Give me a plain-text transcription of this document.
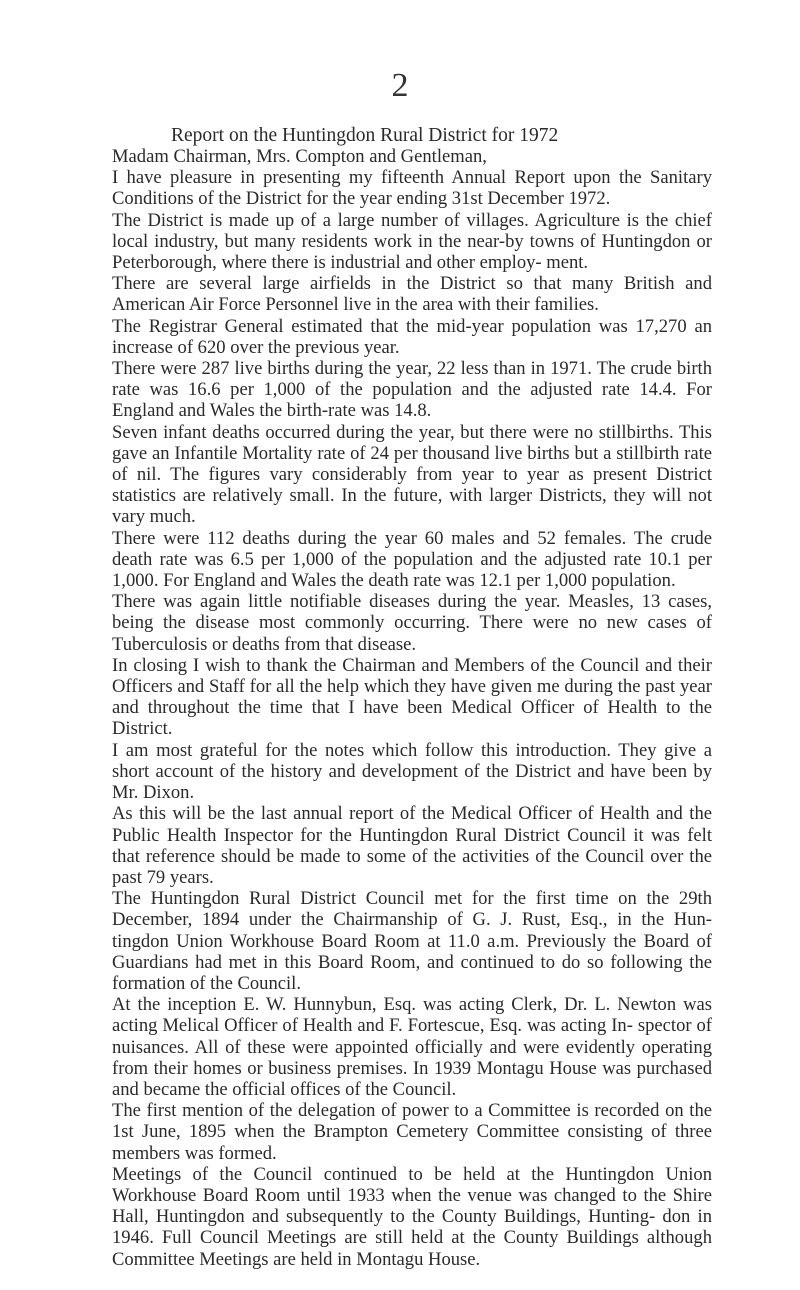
2
Report on the Huntingdon Rural District for 1972

Madam Chairman, Mrs. Compton and Gentleman,

I have pleasure in presenting my fifteenth Annual Report upon the Sanitary Conditions of the District for the year ending 31st December 1972.

The District is made up of a large number of villages. Agriculture is the chief local industry, but many residents work in the near-by towns of Huntingdon or Peterborough, where there is industrial and other employ- ment.

There are several large airfields in the District so that many British and American Air Force Personnel live in the area with their families.

The Registrar General estimated that the mid-year population was 17,270 an increase of 620 over the previous year.

There were 287 live births during the year, 22 less than in 1971. The crude birth rate was 16.6 per 1,000 of the population and the adjusted rate 14.4. For England and Wales the birth-rate was 14.8.

Seven infant deaths occurred during the year, but there were no stillbirths. This gave an Infantile Mortality rate of 24 per thousand live births but a stillbirth rate of nil. The figures vary considerably from year to year as present District statistics are relatively small. In the future, with larger Districts, they will not vary much.

There were 112 deaths during the year 60 males and 52 females. The crude death rate was 6.5 per 1,000 of the population and the adjusted rate 10.1 per 1,000. For England and Wales the death rate was 12.1 per 1,000 population.

There was again little notifiable diseases during the year. Measles, 13 cases, being the disease most commonly occurring. There were no new cases of Tuberculosis or deaths from that disease.

In closing I wish to thank the Chairman and Members of the Council and their Officers and Staff for all the help which they have given me during the past year and throughout the time that I have been Medical Officer of Health to the District.

I am most grateful for the notes which follow this introduction. They give a short account of the history and development of the District and have been by Mr. Dixon.

As this will be the last annual report of the Medical Officer of Health and the Public Health Inspector for the Huntingdon Rural District Council it was felt that reference should be made to some of the activities of the Council over the past 79 years.

The Huntingdon Rural District Council met for the first time on the 29th December, 1894 under the Chairmanship of G. J. Rust, Esq., in the Hun- tingdon Union Workhouse Board Room at 11.0 a.m. Previously the Board of Guardians had met in this Board Room, and continued to do so following the formation of the Council.

At the inception E. W. Hunnybun, Esq. was acting Clerk, Dr. L. Newton was acting Melical Officer of Health and F. Fortescue, Esq. was acting In- spector of nuisances. All of these were appointed officially and were evidently operating from their homes or business premises. In 1939 Montagu House was purchased and became the official offices of the Council.

The first mention of the delegation of power to a Committee is recorded on the 1st June, 1895 when the Brampton Cemetery Committee consisting of three members was formed.

Meetings of the Council continued to be held at the Huntingdon Union Workhouse Board Room until 1933 when the venue was changed to the Shire Hall, Huntingdon and subsequently to the County Buildings, Hunting- don in 1946. Full Council Meetings are still held at the County Buildings although Committee Meetings are held in Montagu House.
